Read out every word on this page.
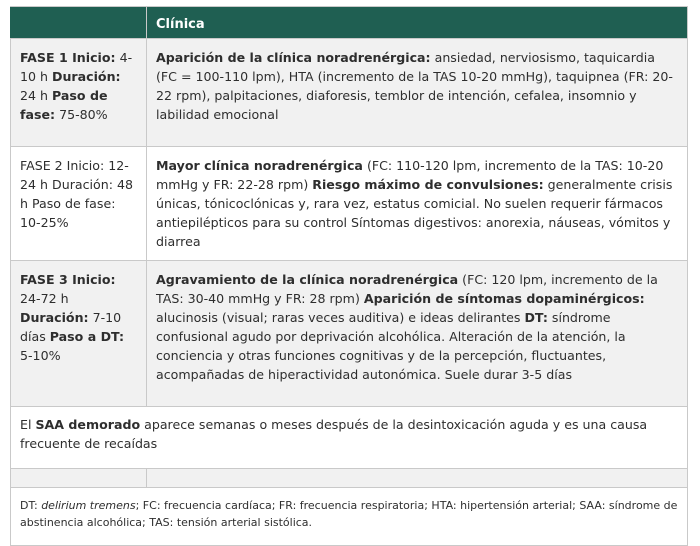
	Clínica
FASE 1 Inicio: 4-10 h Duración: 24 h Paso de fase: 75-80%	Aparición de la clínica noradrenérgica: ansiedad, nerviosismo, taquicardia (FC = 100-110 lpm), HTA (incremento de la TAS 10-20 mmHg), taquipnea (FR: 20-22 rpm), palpitaciones, diaforesis, temblor de intención, cefalea, insomnio y labilidad emocional
FASE 2 Inicio: 12-24 h Duración: 48 h Paso de fase: 10-25%	Mayor clínica noradrenérgica (FC: 110-120 lpm, incremento de la TAS: 10-20 mmHg y FR: 22-28 rpm) Riesgo máximo de convulsiones: generalmente crisis únicas, tónicoclónicas y, rara vez, estatus comicial. No suelen requerir fármacos antiepilépticos para su control Síntomas digestivos: anorexia, náuseas, vómitos y diarrea
FASE 3 Inicio: 24-72 h Duración: 7-10 días Paso a DT: 5-10%	Agravamiento de la clínica noradrenérgica (FC: 120 lpm, incremento de la TAS: 30-40 mmHg y FR: 28 rpm) Aparición de síntomas dopaminérgicos: alucinosis (visual; raras veces auditiva) e ideas delirantes DT: síndrome confusional agudo por deprivación alcohólica. Alteración de la atención, la conciencia y otras funciones cognitivas y de la percepción, fluctuantes, acompañadas de hiperactividad autonómica. Suele durar 3-5 días
El SAA demorado aparece semanas o meses después de la desintoxicación aguda y es una causa frecuente de recaídas	

DT: delirium tremens; FC: frecuencia cardíaca; FR: frecuencia respiratoria; HTA: hipertensión arterial; SAA: síndrome de abstinencia alcohólica; TAS: tensión arterial sistólica.	
